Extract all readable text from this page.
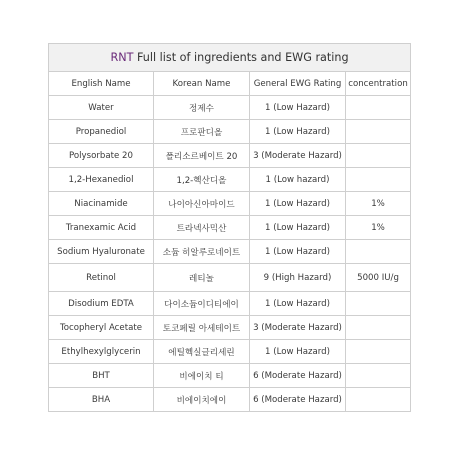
RNT Full list of ingredients and EWG rating			
English Name	Korean Name	General EWG Rating	concentration
Water	정제수	1 (Low Hazard)	
Propanediol	프로판디올	1 (Low Hazard)	
Polysorbate 20	폴리소르베이트 20	3 (Moderate Hazard)	
1,2-Hexanediol	1,2-헥산디올	1 (Low hazard)	
Niacinamide	나이아신아마이드	1 (Low Hazard)	1%
Tranexamic Acid	트라넥사믹산	1 (Low Hazard)	1%
Sodium Hyaluronate	소듐 히알루로네이트	1 (Low Hazard)	
Retinol	레티놀	9 (High Hazard)	5000 IU/g
Disodium EDTA	다이소듐이디티에이	1 (Low Hazard)	
Tocopheryl Acetate	토코페릴 아세테이트	3 (Moderate Hazard)	
Ethylhexylglycerin	에틸헥실글리세린	1 (Low Hazard)	
BHT	비에이치 티	6 (Moderate Hazard)	
BHA	비에이치에이	6 (Moderate Hazard)	
